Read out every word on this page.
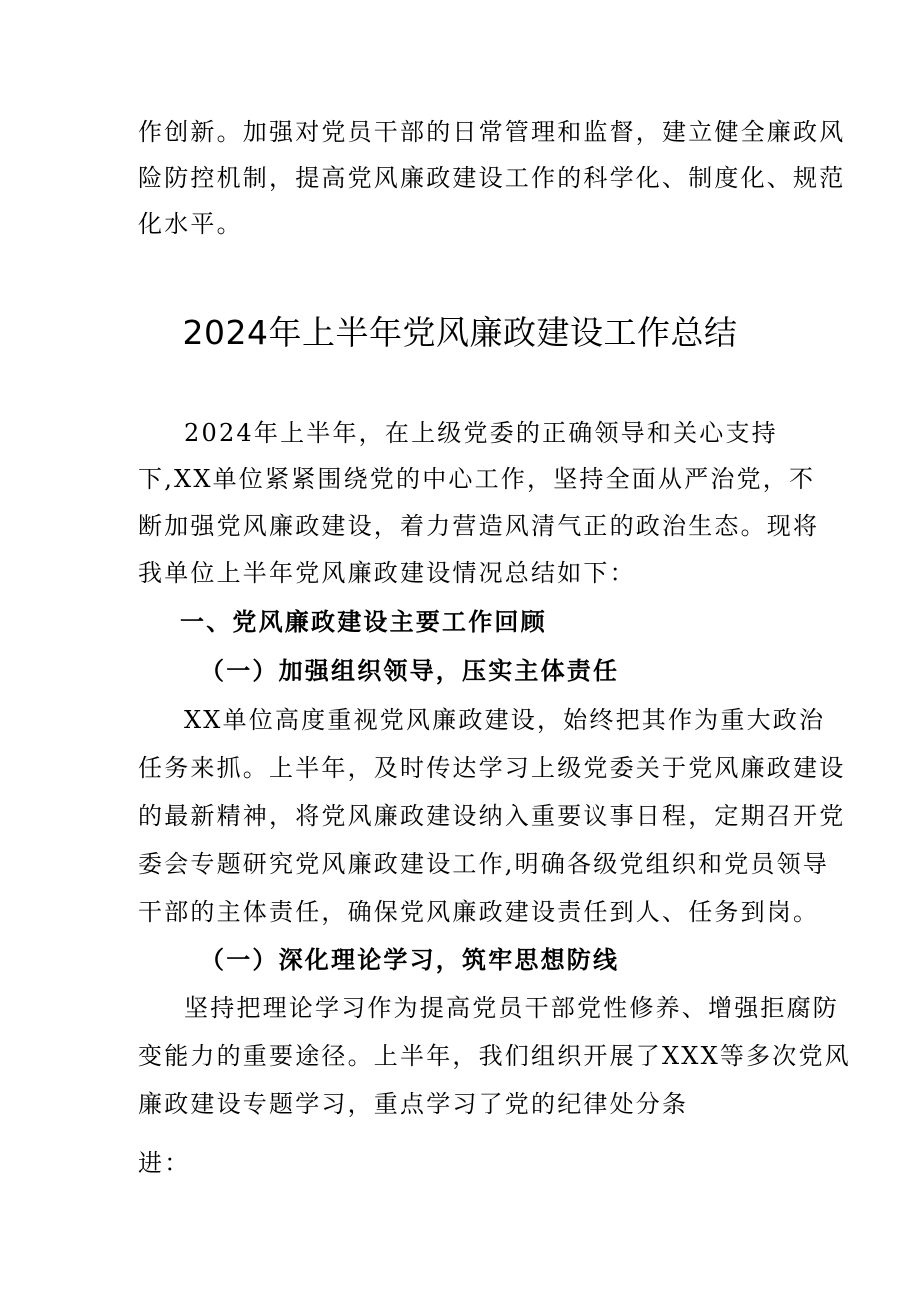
作创新。加强对党员干部的日常管理和监督，建立健全廉政风
险防控机制，提高党风廉政建设工作的科学化、制度化、规范
化水平。
2024年上半年党风廉政建设工作总结
2024年上半年，在上级党委的正确领导和关心支持
下,XX单位紧紧围绕党的中心工作，坚持全面从严治党，不
断加强党风廉政建设，着力营造风清气正的政治生态。现将
我单位上半年党风廉政建设情况总结如下：
一、党风廉政建设主要工作回顾
（一）加强组织领导，压实主体责任
XX单位高度重视党风廉政建设，始终把其作为重大政治
任务来抓。上半年，及时传达学习上级党委关于党风廉政建设
的最新精神，将党风廉政建设纳入重要议事日程，定期召开党
委会专题研究党风廉政建设工作,明确各级党组织和党员领导
干部的主体责任，确保党风廉政建设责任到人、任务到岗。
（一）深化理论学习，筑牢思想防线
坚持把理论学习作为提高党员干部党性修养、增强拒腐防
变能力的重要途径。上半年，我们组织开展了XXX等多次党风
廉政建设专题学习，重点学习了党的纪律处分条
进：
